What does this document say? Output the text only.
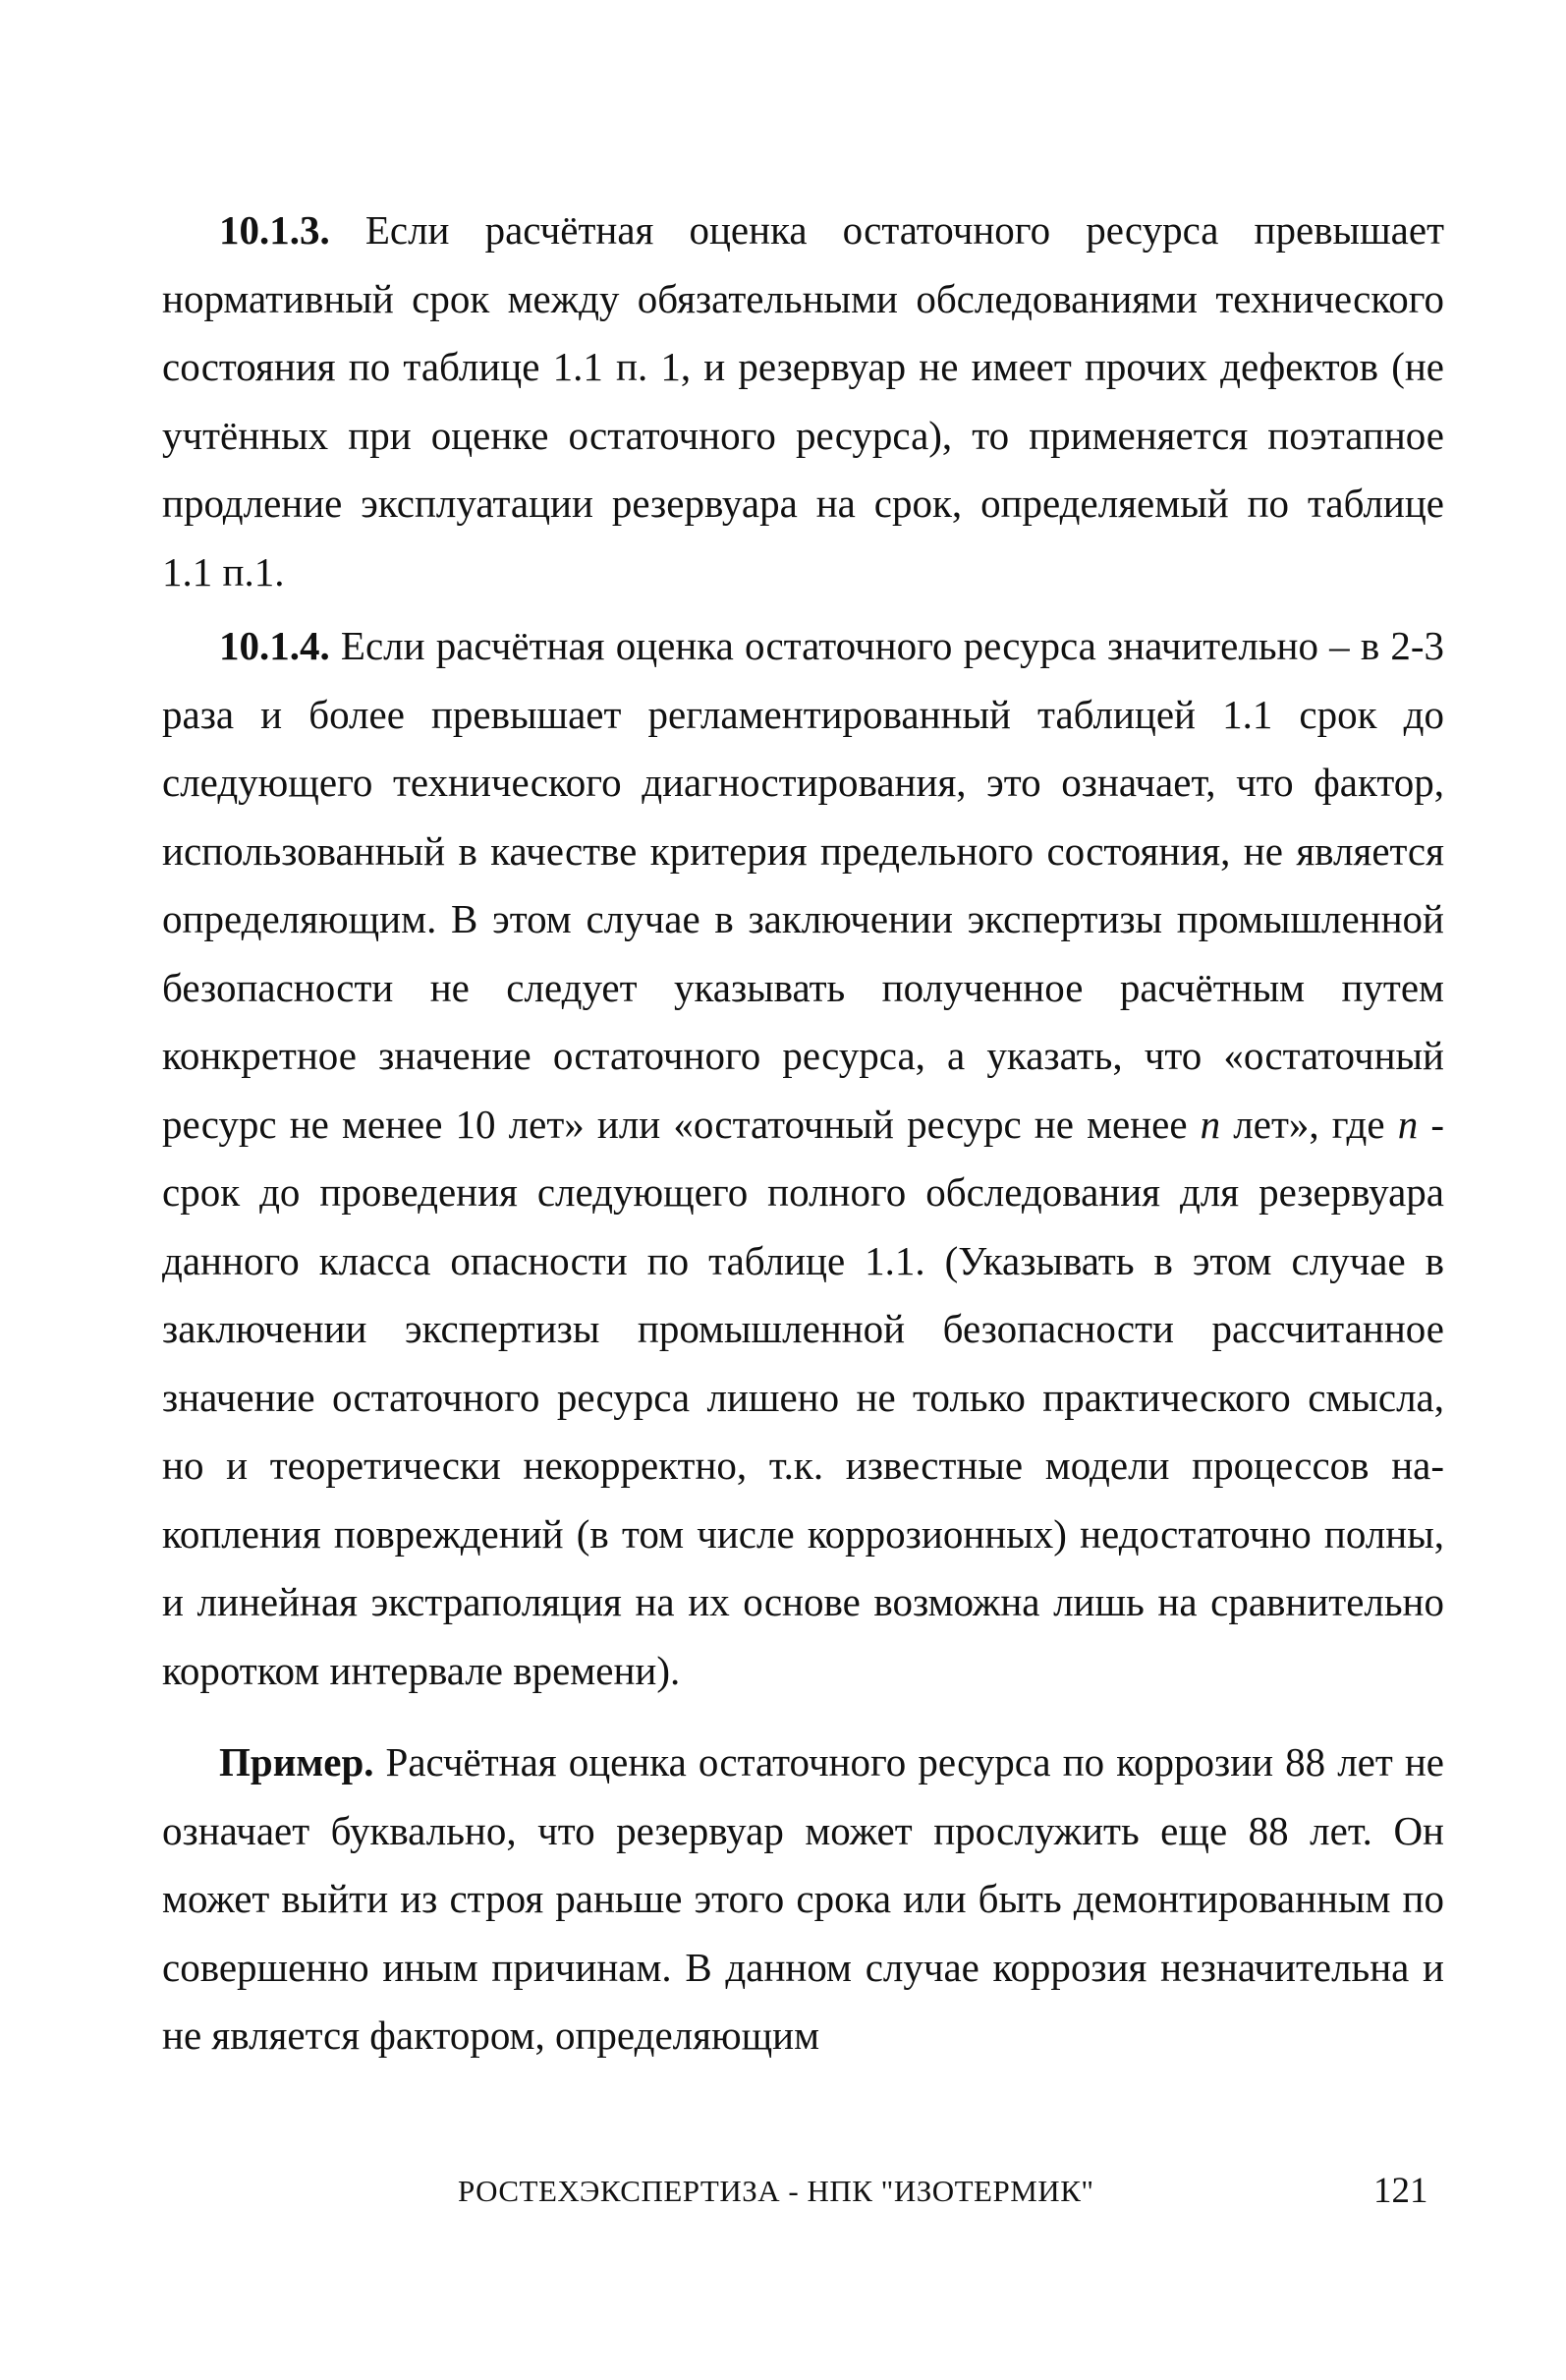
10.1.3. Если расчётная оценка остаточного ресурса превышает нормативный срок между обязательными обследованиями технического состояния по таблице 1.1 п. 1, и резервуар не имеет прочих дефектов (не учтённых при оценке остаточного ресурса), то применяется поэтапное продление эксплуатации резервуара на срок, определяемый по таблице 1.1 п.1.

10.1.4. Если расчётная оценка остаточного ресурса значительно – в 2-3 раза и более превышает регламентированный таблицей 1.1 срок до следующего технического диагностирования, это означает, что фактор, использованный в качестве критерия предельного состояния, не является определяющим. В этом случае в заключении экспертизы промышленной безопасности не следует указывать полученное расчётным путем конкретное значение остаточного ресурса, а указать, что «остаточный ресурс не менее 10 лет» или «остаточный ресурс не менее n лет», где n - срок до проведения следующего полного обследования для резервуара данного класса опасности по таблице 1.1. (Указывать в этом случае в заключении экспертизы промышленной безопасности рассчитанное значение остаточного ресурса лишено не только практического смысла, но и теоретически некорректно, т.к. известные модели процессов накопления повреждений (в том числе коррозионных) недостаточно полны, и линейная экстраполяция на их основе возможна лишь на сравнительно коротком интервале времени).

Пример. Расчётная оценка остаточного ресурса по коррозии 88 лет не означает буквально, что резервуар может прослужить еще 88 лет. Он может выйти из строя раньше этого срока или быть демонтированным по совершенно иным причинам. В данном случае коррозия незначительна и не является фактором, определяющим

РОСТЕХЭКСПЕРТИЗА - НПК "ИЗОТЕРМИК"	121
